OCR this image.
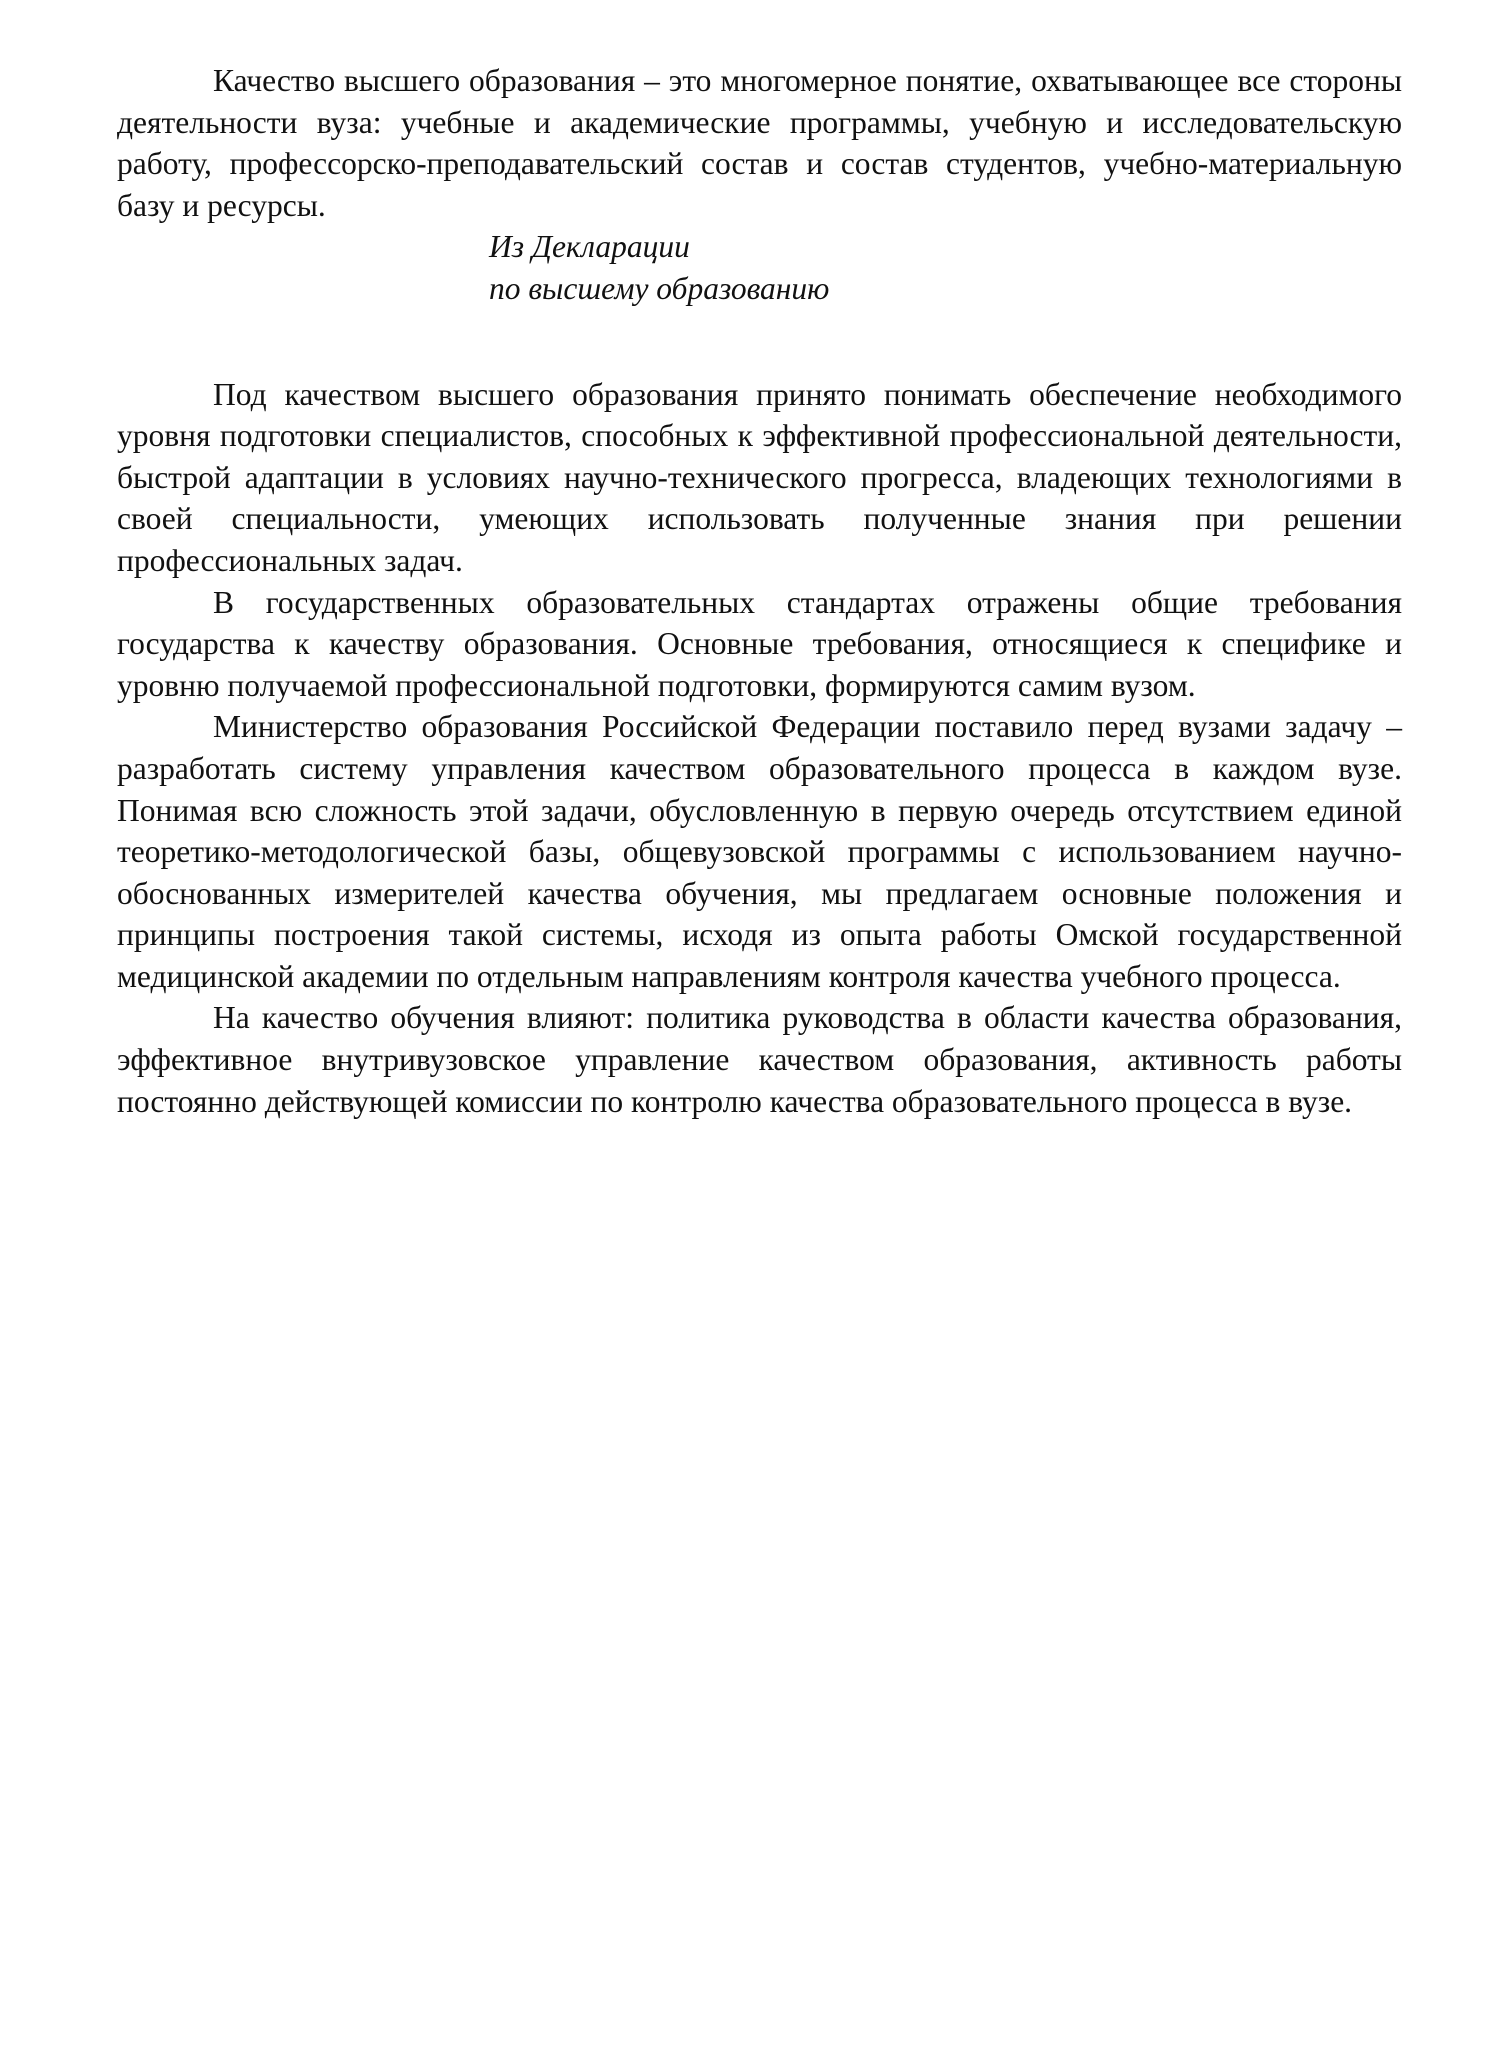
Качество высшего образования – это многомерное понятие, охватывающее все стороны деятельности вуза: учебные и академические программы, учебную и исследовательскую работу, профессорско-преподавательский состав и состав студентов, учебно-материальную базу и ресурсы.

Из Декларации
по высшему образованию

Под качеством высшего образования принято понимать обеспечение необходимого уровня подготовки специалистов, способных к эффективной профессиональной деятельности, быстрой адаптации в условиях научно-технического прогресса, владеющих технологиями в своей специальности, умеющих использовать полученные знания при решении профессиональных задач.

В государственных образовательных стандартах отражены общие требования государства к качеству образования. Основные требования, относящиеся к специфике и уровню получаемой профессиональной подготовки, формируются самим вузом.

Министерство образования Российской Федерации поставило перед вузами задачу – разработать систему управления качеством образовательного процесса в каждом вузе. Понимая всю сложность этой задачи, обусловленную в первую очередь отсутствием единой теоретико-методологической базы, общевузовской программы с использованием научно-обоснованных измерителей качества обучения, мы предлагаем основные положения и принципы построения такой системы, исходя из опыта работы Омской государственной медицинской академии по отдельным направлениям контроля качества учебного процесса.

На качество обучения влияют: политика руководства в области качества образования, эффективное внутривузовское управление качеством образования, активность работы постоянно действующей комиссии по контролю качества образовательного процесса в вузе.
